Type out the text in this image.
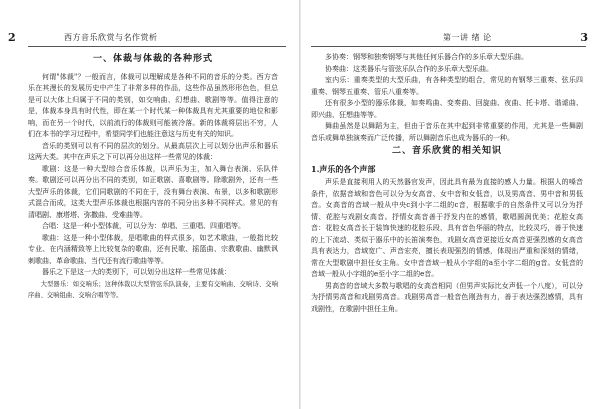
2	西方音乐欣赏与名作赏析
一、体裁与体裁的各种形式

何谓"体裁"？一般而言，体裁可以理解成是各种不同的音乐的分类。西方音乐在其漫长的发展历史中产生了非常多样的作品，这些作品虽然形形色色，但总是可以大体上归属于不同的类别，如交响曲、幻想曲、歌剧等等。值得注意的是，体裁本身具有时代性，即在某一个时代某一种体裁具有尤其重要的地位和影响，而在另一个时代，以前流行的体裁则可能被冷落。新的体裁将层出不穷，人们在本书的学习过程中，希望同学们也能注意这与历史有关的知识。

音乐的类别可以有不同的层次的划分。从最高层次上可以划分出声乐和器乐这两大类。其中在声乐之下可以再分出这样一些常见的体裁：

歌剧：这是一种大型综合音乐体裁，以声乐为主，加入舞台表演、乐队伴奏。歌剧还可以再分出不同的类别，如正歌剧、喜歌剧等。除歌剧外，还有一些大型声乐的体裁，它们同歌剧的不同在于，没有舞台表演、布景，以多和歌剧形式混合而成，这类大型声乐体裁也根据内容的不同分出多种不同样式。常见的有清唱剧、康塔塔、弥撒曲、受难曲等。

合唱：这是一种小型体裁，可以分为：单唱、三重唱、四重唱等。

歌曲：这是一种小型体裁，是唱歌曲的样式很多，如艺术歌曲，一般指比较专业、在内涵精致等上比较复杂的歌曲，还有民歌、摇篮曲、宗教歌曲、幽默讽刺歌曲、革命歌曲、当代还有流行歌曲等等。

器乐之下是这一大的类别下，可以划分出这样一些常见体裁：

大型器乐：如交响乐；这种体裁以大型管弦乐队演奏，主要有交响曲、交响诗、交响序曲、交响组曲、交响合唱等等。

第一讲 绪 论	3

多协奏：钢琴和独奏钢琴与其他任何乐器合作的多乐章大型乐曲。

协奏曲：这类器乐与管弦乐队合作的多乐章大型乐曲。

室内乐：重奏类型的大型乐曲，有各种类型的组合，常见的有钢琴三重奏、弦乐四重奏、钢琴五重奏、管乐八重奏等。

还有很多小型的器乐体裁，如奏鸣曲、变奏曲、回旋曲、夜曲、托卡塔、谐谑曲、即兴曲、狂想曲等等。

舞曲虽然是以舞蹈为主，但由于音乐在其中起到非常重要的作用，尤其是一些舞剧音乐或舞单独演奏而广泛传播，所以舞剧音乐也成为器乐的一种。

二、音乐欣赏的相关知识
1.声乐的各个声部

声乐是直接利用人的天然器官发声，因此具有最为直接的感人力量。根据人的嗓音条件，依据音域和音色可以分为女高音、女中音和女低音，以及男高音、男中音和男低音。女高音的音域一般从中央c到小字二组的c音，根据歌手的自然条件又可以分为抒情、花腔与戏剧女高音。抒情女高音善于抒发内在的感情，歌唱圆润优美；花腔女高音：花腔女高音长于装饰快速的花腔乐段、具有音色华丽的特点，比较灵巧，善于快速的上下流动、类似于器乐中的长笛演奏色，戏剧女高音更接近女高音更强烈感的女高音具有表达力，音域宽广、声音宏亮，擅长表现强烈的情感，体现出严重和深刻的情绪，常在大型歌剧中担任女主角。女中音音域一般从小字组的a至小字二组的g音。女低音的音域一般从小字组的e至小字二组的e音。

男高音的音域大多数与歌唱的女高音相同（但男声实际比女声低一个八度），可以分为抒情男高音和戏剧男高音。戏剧男高音一般音色刚劲有力，善于表达强烈感情，具有戏剧性，在歌剧中担任主角。
